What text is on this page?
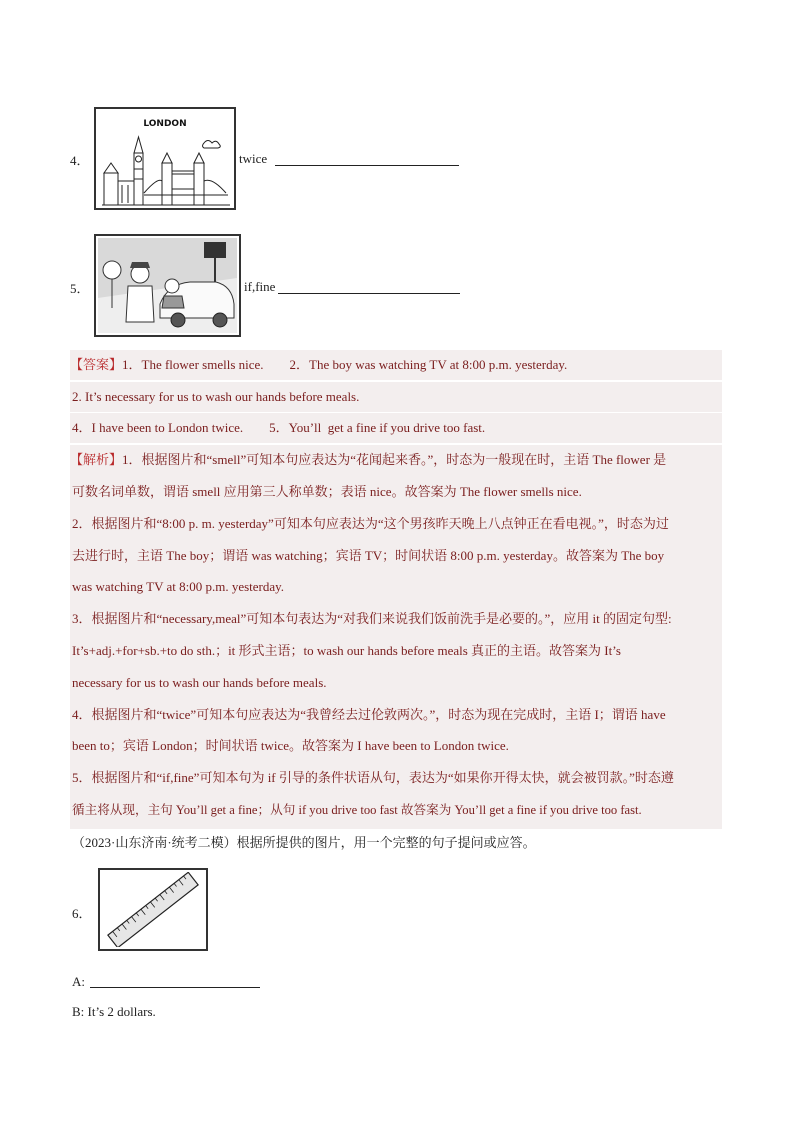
4．
LONDON
twice
5．	if,fine
【答案】1．The flower smells nice.        2．The boy was watching TV at 8:00 p.m. yesterday.
2. It’s necessary for us to wash our hands before meals.
4．I have been to London twice.        5．You’ll  get a fine if you drive too fast.
【解析】1．根据图片和“smell”可知本句应表达为“花闻起来香。”，时态为一般现在时，主语 The flower 是
可数名词单数，谓语 smell 应用第三人称单数；表语 nice。故答案为 The flower smells nice.
2．根据图片和“8:00 p. m. yesterday”可知本句应表达为“这个男孩昨天晚上八点钟正在看电视。”，时态为过
去进行时，主语 The boy；谓语 was watching；宾语 TV；时间状语 8:00 p.m. yesterday。故答案为 The boy
was watching TV at 8:00 p.m. yesterday.
3．根据图片和“necessary,meal”可知本句表达为“对我们来说我们饭前洗手是必要的。”，应用 it 的固定句型:
It’s+adj.+for+sb.+to do sth.；it 形式主语；to wash our hands before meals 真正的主语。故答案为 It’s
necessary for us to wash our hands before meals.
4．根据图片和“twice”可知本句应表达为“我曾经去过伦敦两次。”，时态为现在完成时，主语 I；谓语 have
been to；宾语 London；时间状语 twice。故答案为 I have been to London twice.
5．根据图片和“if,fine”可知本句为 if 引导的条件状语从句，表达为“如果你开得太快，就会被罚款。”时态遵
循主将从现，主句 You’ll get a fine；从句 if you drive too fast 故答案为 You’ll get a fine if you drive too fast.
（2023·山东济南·统考二模）根据所提供的图片，用一个完整的句子提问或应答。
6．
A:
B: It’s 2 dollars.
